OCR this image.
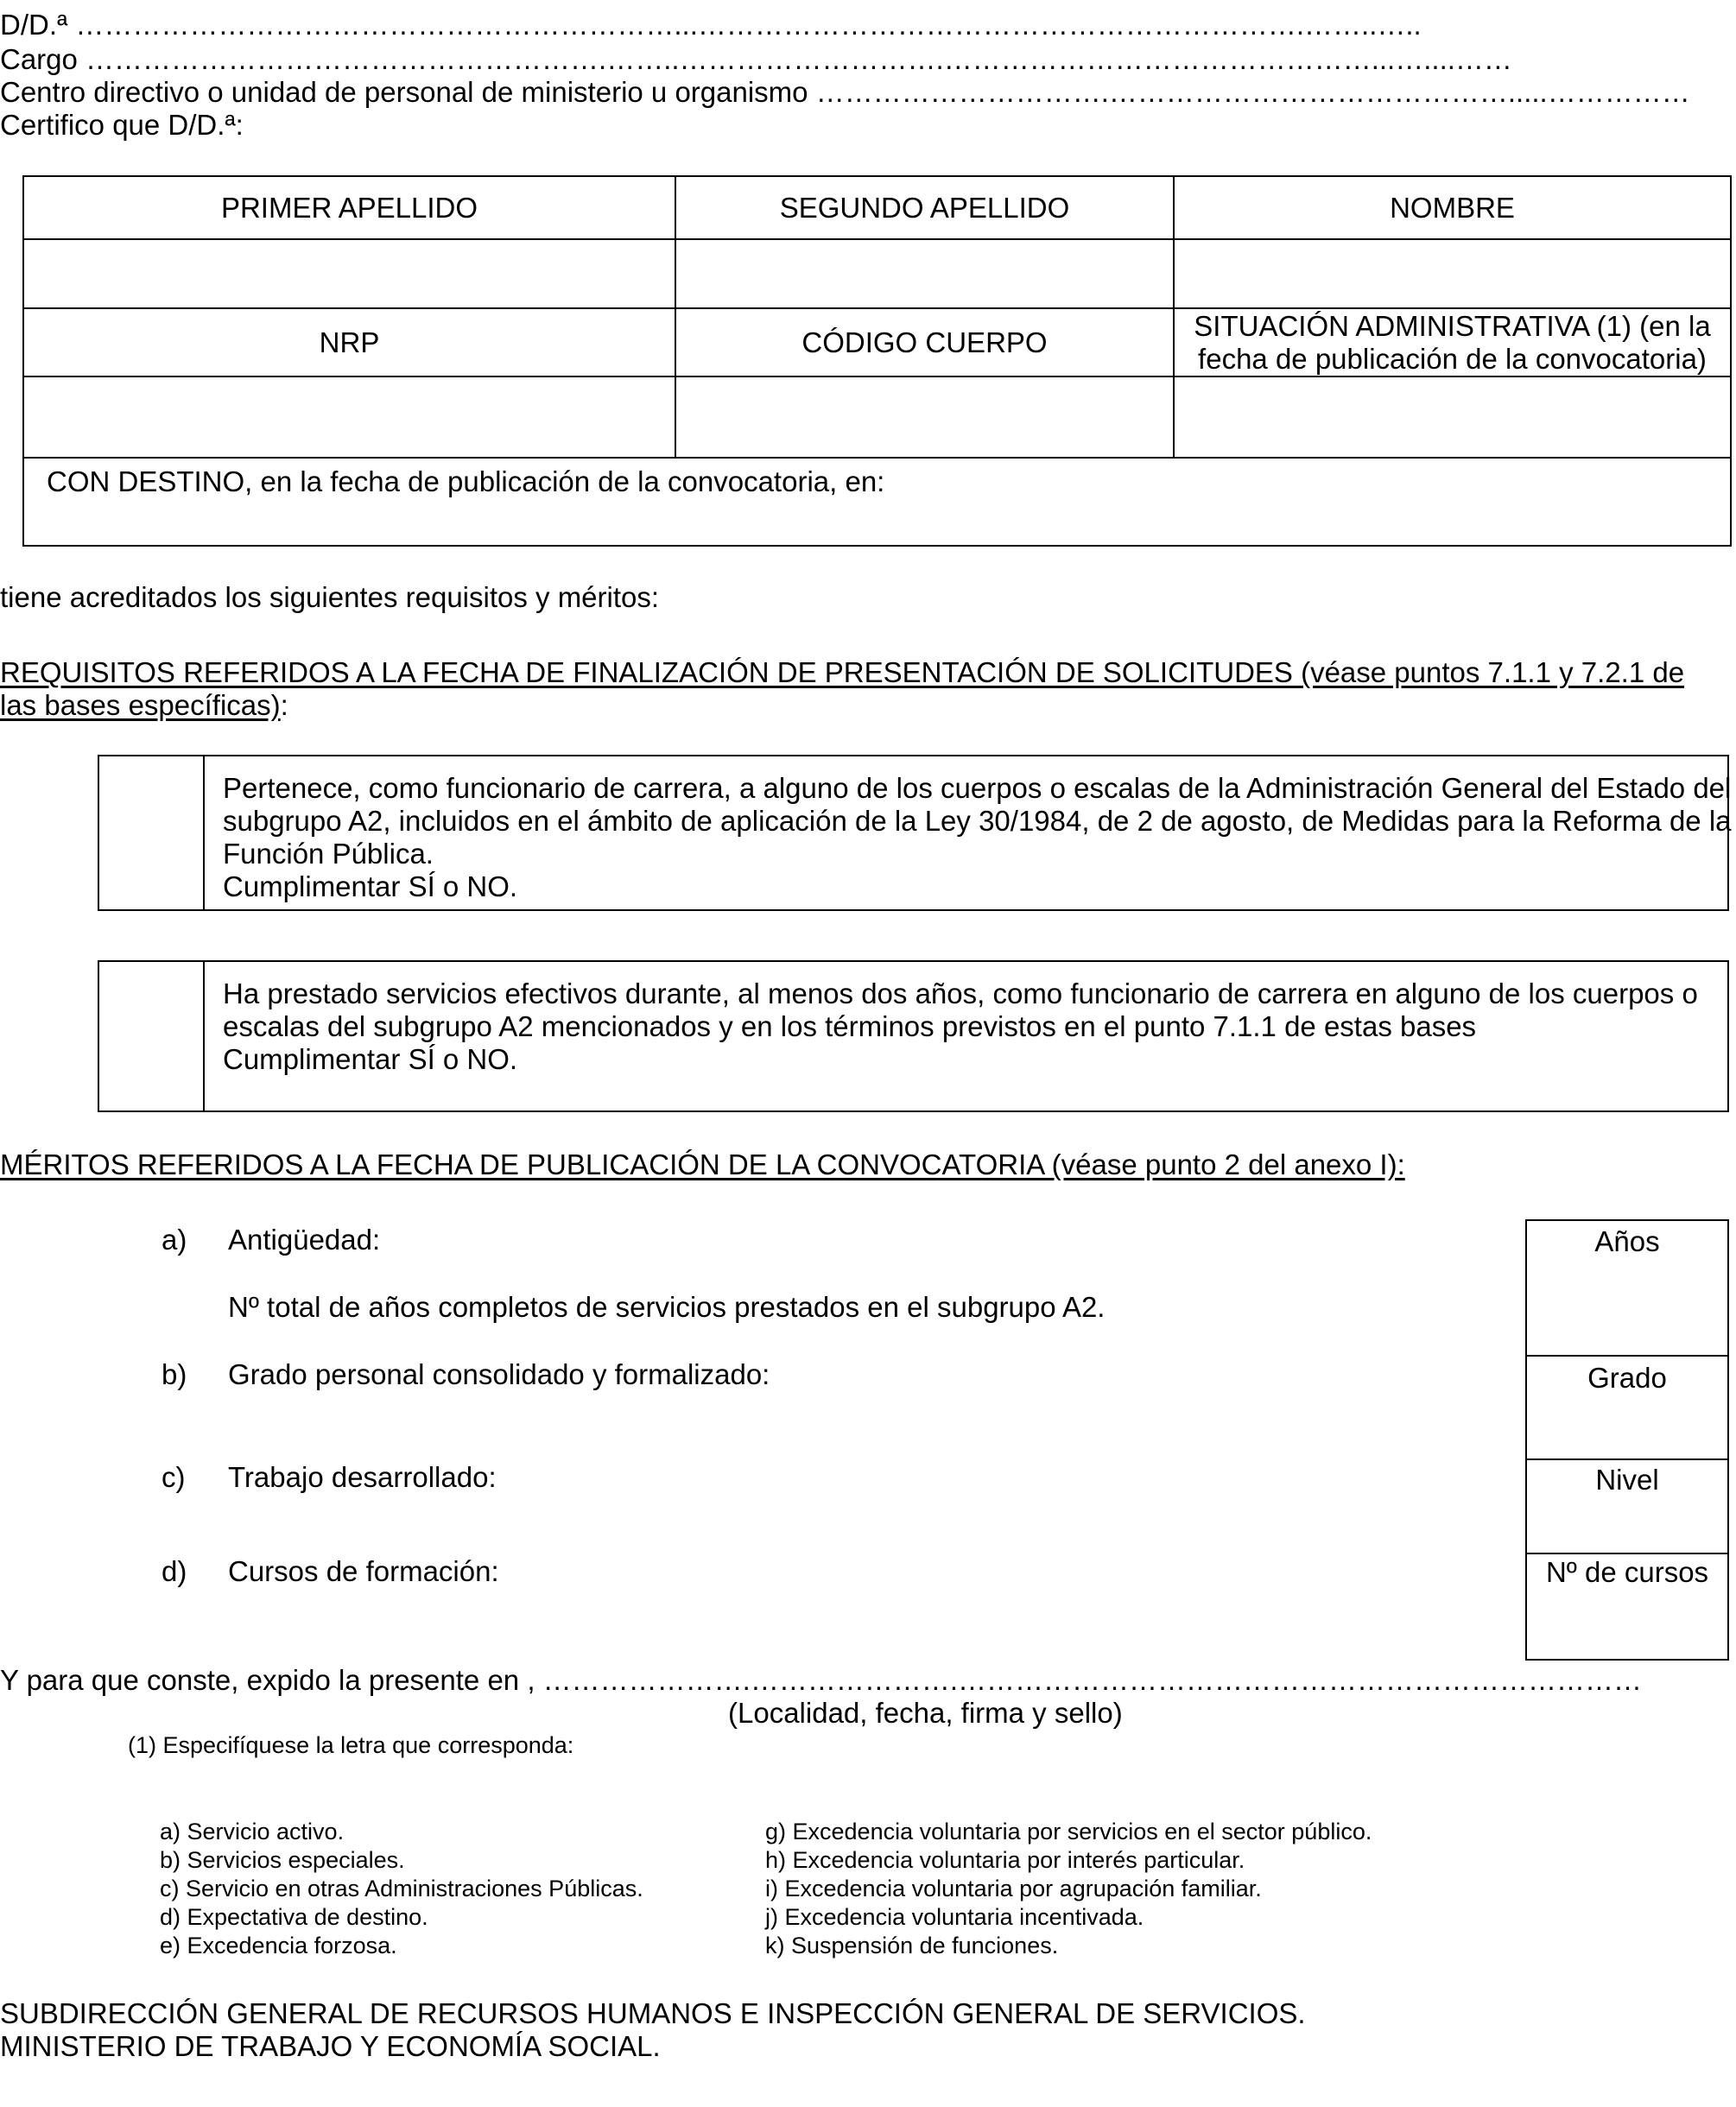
D/D.ª ………………………………………………………...……………………………………………………….……..…..
Cargo ……………………………………………….……..……………………….………………………………………...…....……
Centro directivo o unidad de personal de ministerio u organismo ………………………….…………………………………….....……………
Certifico que D/D.ª:
PRIMER APELLIDO	SEGUNDO APELLIDO	NOMBRE

NRP	CÓDIGO CUERPO	SITUACIÓN ADMINISTRATIVA (1) (en la fecha de publicación de la convocatoria)

CON DESTINO, en la fecha de publicación de la convocatoria, en:		
tiene acreditados los siguientes requisitos y méritos:
REQUISITOS REFERIDOS A LA FECHA DE FINALIZACIÓN DE PRESENTACIÓN DE SOLICITUDES (véase puntos 7.1.1 y 7.2.1 de
las bases específicas):
Pertenece, como funcionario de carrera, a alguno de los cuerpos o escalas de la Administración General del Estado del
subgrupo A2, incluidos en el ámbito de aplicación de la Ley 30/1984, de 2 de agosto, de Medidas para la Reforma de la
Función Pública.
Cumplimentar SÍ o NO.
Ha prestado servicios efectivos durante, al menos dos años, como funcionario de carrera en alguno de los cuerpos o
escalas del subgrupo A2 mencionados y en los términos previstos en el punto 7.1.1 de estas bases
Cumplimentar SÍ o NO.
MÉRITOS REFERIDOS A LA FECHA DE PUBLICACIÓN DE LA CONVOCATORIA (véase punto 2 del anexo I):
a) Antigüedad:
Nº total de años completos de servicios prestados en el subgrupo A2.
b) Grado personal consolidado y formalizado:
c) Trabajo desarrollado:
d) Cursos de formación:
Años
Grado
Nivel
Nº de cursos
Y para que conste, expido la presente en , ………………….………………….………………………………………………………………
(Localidad, fecha, firma y sello)
(1) Especifíquese la letra que corresponda:
a) Servicio activo.
b) Servicios especiales.
c) Servicio en otras Administraciones Públicas.
d) Expectativa de destino.
e) Excedencia forzosa.
g) Excedencia voluntaria por servicios en el sector público.
h) Excedencia voluntaria por interés particular.
i) Excedencia voluntaria por agrupación familiar.
j) Excedencia voluntaria incentivada.
k) Suspensión de funciones.
SUBDIRECCIÓN GENERAL DE RECURSOS HUMANOS E INSPECCIÓN GENERAL DE SERVICIOS.
MINISTERIO DE TRABAJO Y ECONOMÍA SOCIAL.
